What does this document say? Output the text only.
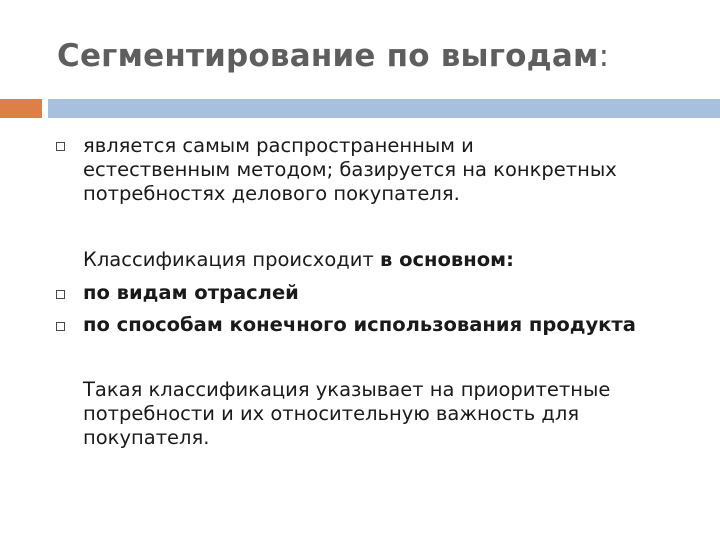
Сегментирование по выгодам:
является самым распространенным и
естественным методом; базируется на конкретных
потребностях делового покупателя.
Классификация происходит в основном:
по видам отраслей
по способам конечного использования продукта
Такая классификация указывает на приоритетные
потребности и их относительную важность для
покупателя.
